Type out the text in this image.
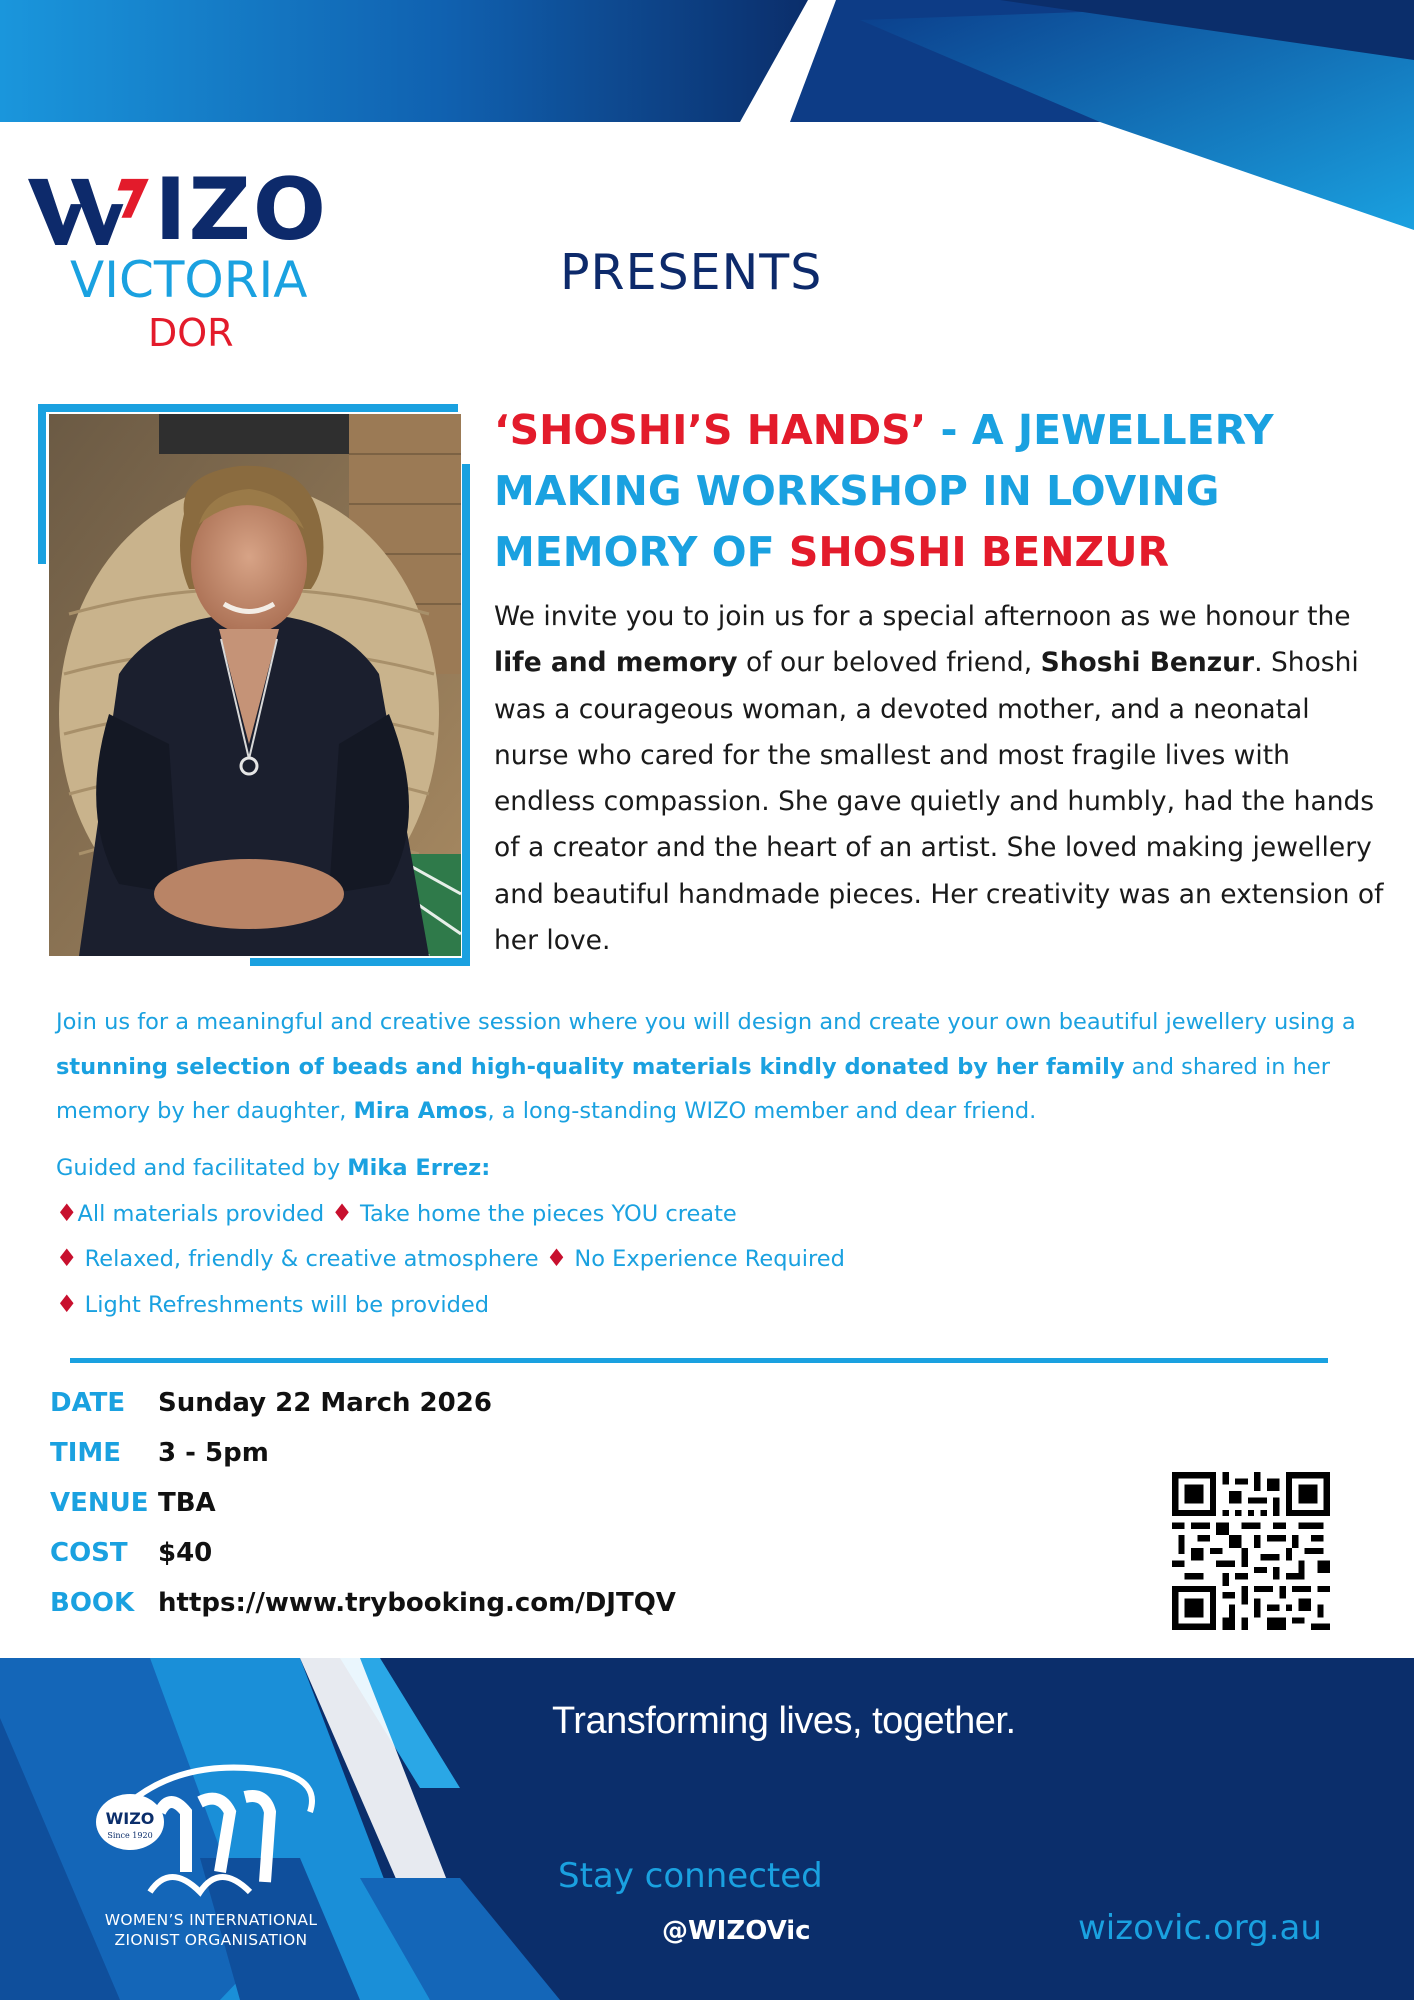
IZO
VICTORIA
DOR
PRESENTS
‘SHOSHI’S HANDS’ - A JEWELLERY MAKING WORKSHOP IN LOVING MEMORY OF SHOSHI BENZUR
We invite you to join us for a special afternoon as we honour the life and memory of our beloved friend, Shoshi Benzur. Shoshi was a courageous woman, a devoted mother, and a neonatal nurse who cared for the smallest and most fragile lives with endless compassion. She gave quietly and humbly, had the hands of a creator and the heart of an artist. She loved making jewellery and beautiful handmade pieces. Her creativity was an extension of her love.
Join us for a meaningful and creative session where you will design and create your own beautiful jewellery using a stunning selection of beads and high-quality materials kindly donated by her family and shared in her memory by her daughter, Mira Amos, a long-standing WIZO member and dear friend.
Guided and facilitated by Mika Errez:
♦All materials provided ♦ Take home the pieces YOU create
♦ Relaxed, friendly & creative atmosphere ♦ No Experience Required
♦ Light Refreshments will be provided
DATE	Sunday 22 March 2026
TIME	3 - 5pm
VENUE TBA
COST	$40
BOOK https://www.trybooking.com/DJTQV
WIZO
Since 1920
WOMEN’S INTERNATIONAL
ZIONIST ORGANISATION
Transforming lives, together.
Stay connected
@WIZOVic	wizovic.org.au
